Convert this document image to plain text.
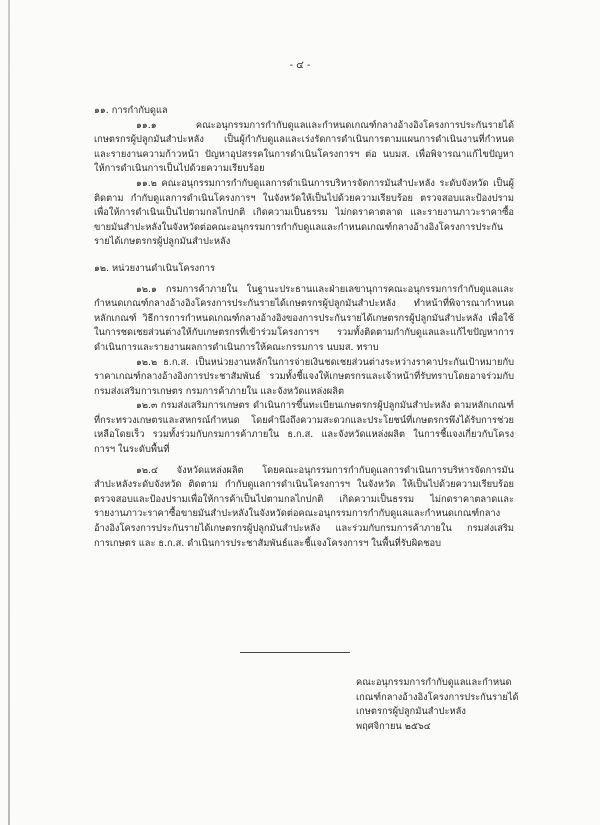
- ๔ -
๑๑. การกำกับดูแล
๑๑.๑ คณะอนุกรรมการกำกับดูแลและกำหนดเกณฑ์กลางอ้างอิงโครงการประกันรายได้เกษตรกรผู้ปลูกมันสำปะหลัง เป็นผู้กำกับดูแลและเร่งรัดการดำเนินการตามแผนการดำเนินงานที่กำหนด และรายงานความก้าวหน้า ปัญหาอุปสรรคในการดำเนินโครงการฯ ต่อ นบมส. เพื่อพิจารณาแก้ไขปัญหาให้การดำเนินการเป็นไปด้วยความเรียบร้อย
๑๑.๒ คณะอนุกรรมการกำกับดูแลการดำเนินการบริหารจัดการมันสำปะหลัง ระดับจังหวัด เป็นผู้ติดตาม กำกับดูแลการดำเนินโครงการฯ ในจังหวัดให้เป็นไปด้วยความเรียบร้อย ตรวจสอบและป้องปรามเพื่อให้การดำเนินเป็นไปตามกลไกปกติ เกิดความเป็นธรรม ไม่กดราคาตลาด และรายงานภาวะราคาซื้อขายมันสำปะหลังในจังหวัดต่อคณะอนุกรรมการกำกับดูแลและกำหนดเกณฑ์กลางอ้างอิงโครงการประกันรายได้เกษตรกรผู้ปลูกมันสำปะหลัง
๑๒. หน่วยงานดำเนินโครงการ
๑๒.๑ กรมการค้าภายใน ในฐานะประธานและฝ่ายเลขานุการคณะอนุกรรมการกำกับดูแลและกำหนดเกณฑ์กลางอ้างอิงโครงการประกันรายได้เกษตรกรผู้ปลูกมันสำปะหลัง ทำหน้าที่พิจารณากำหนดหลักเกณฑ์ วิธีการการกำหนดเกณฑ์กลางอ้างอิงของการประกันรายได้เกษตรกรผู้ปลูกมันสำปะหลัง เพื่อใช้ในการชดเชยส่วนต่างให้กับเกษตรกรที่เข้าร่วมโครงการฯ รวมทั้งติดตามกำกับดูแลและแก้ไขปัญหาการดำเนินการและรายงานผลการดำเนินการให้คณะกรรมการ นบมส. ทราบ
๑๒.๒ ธ.ก.ส. เป็นหน่วยงานหลักในการจ่ายเงินชดเชยส่วนต่างระหว่างราคาประกันเป้าหมายกับราคาเกณฑ์กลางอ้างอิงการประชาสัมพันธ์ รวมทั้งชี้แจงให้เกษตรกรและเจ้าหน้าที่รับทราบโดยอาจร่วมกับกรมส่งเสริมการเกษตร กรมการค้าภายใน และจังหวัดแหล่งผลิต
๑๒.๓ กรมส่งเสริมการเกษตร ดำเนินการขึ้นทะเบียนเกษตรกรผู้ปลูกมันสำปะหลัง ตามหลักเกณฑ์ที่กระทรวงเกษตรและสหกรณ์กำหนด โดยคำนึงถึงความสะดวกและประโยชน์ที่เกษตรกรพึงได้รับการช่วยเหลือโดยเร็ว รวมทั้งร่วมกับกรมการค้าภายใน ธ.ก.ส. และจังหวัดแหล่งผลิต ในการชี้แจงเกี่ยวกับโครงการฯ ในระดับพื้นที่
๑๒.๔ จังหวัดแหล่งผลิต โดยคณะอนุกรรมการกำกับดูแลการดำเนินการบริหารจัดการมันสำปะหลังระดับจังหวัด ติดตาม กำกับดูแลการดำเนินโครงการฯ ในจังหวัด ให้เป็นไปด้วยความเรียบร้อย ตรวจสอบและป้องปรามเพื่อให้การค้าเป็นไปตามกลไกปกติ เกิดความเป็นธรรม ไม่กดราคาตลาดและรายงานภาวะราคาซื้อขายมันสำปะหลังในจังหวัดต่อคณะอนุกรรมการกำกับดูแลและกำหนดเกณฑ์กลางอ้างอิงโครงการประกันรายได้เกษตรกรผู้ปลูกมันสำปะหลัง และร่วมกับกรมการค้าภายใน กรมส่งเสริมการเกษตร และ ธ.ก.ส. ดำเนินการประชาสัมพันธ์และชี้แจงโครงการฯ ในพื้นที่รับผิดชอบ
คณะอนุกรรมการกำกับดูแลและกำหนด
เกณฑ์กลางอ้างอิงโครงการประกันรายได้
เกษตรกรผู้ปลูกมันสำปะหลัง
พฤศจิกายน ๒๕๖๔
